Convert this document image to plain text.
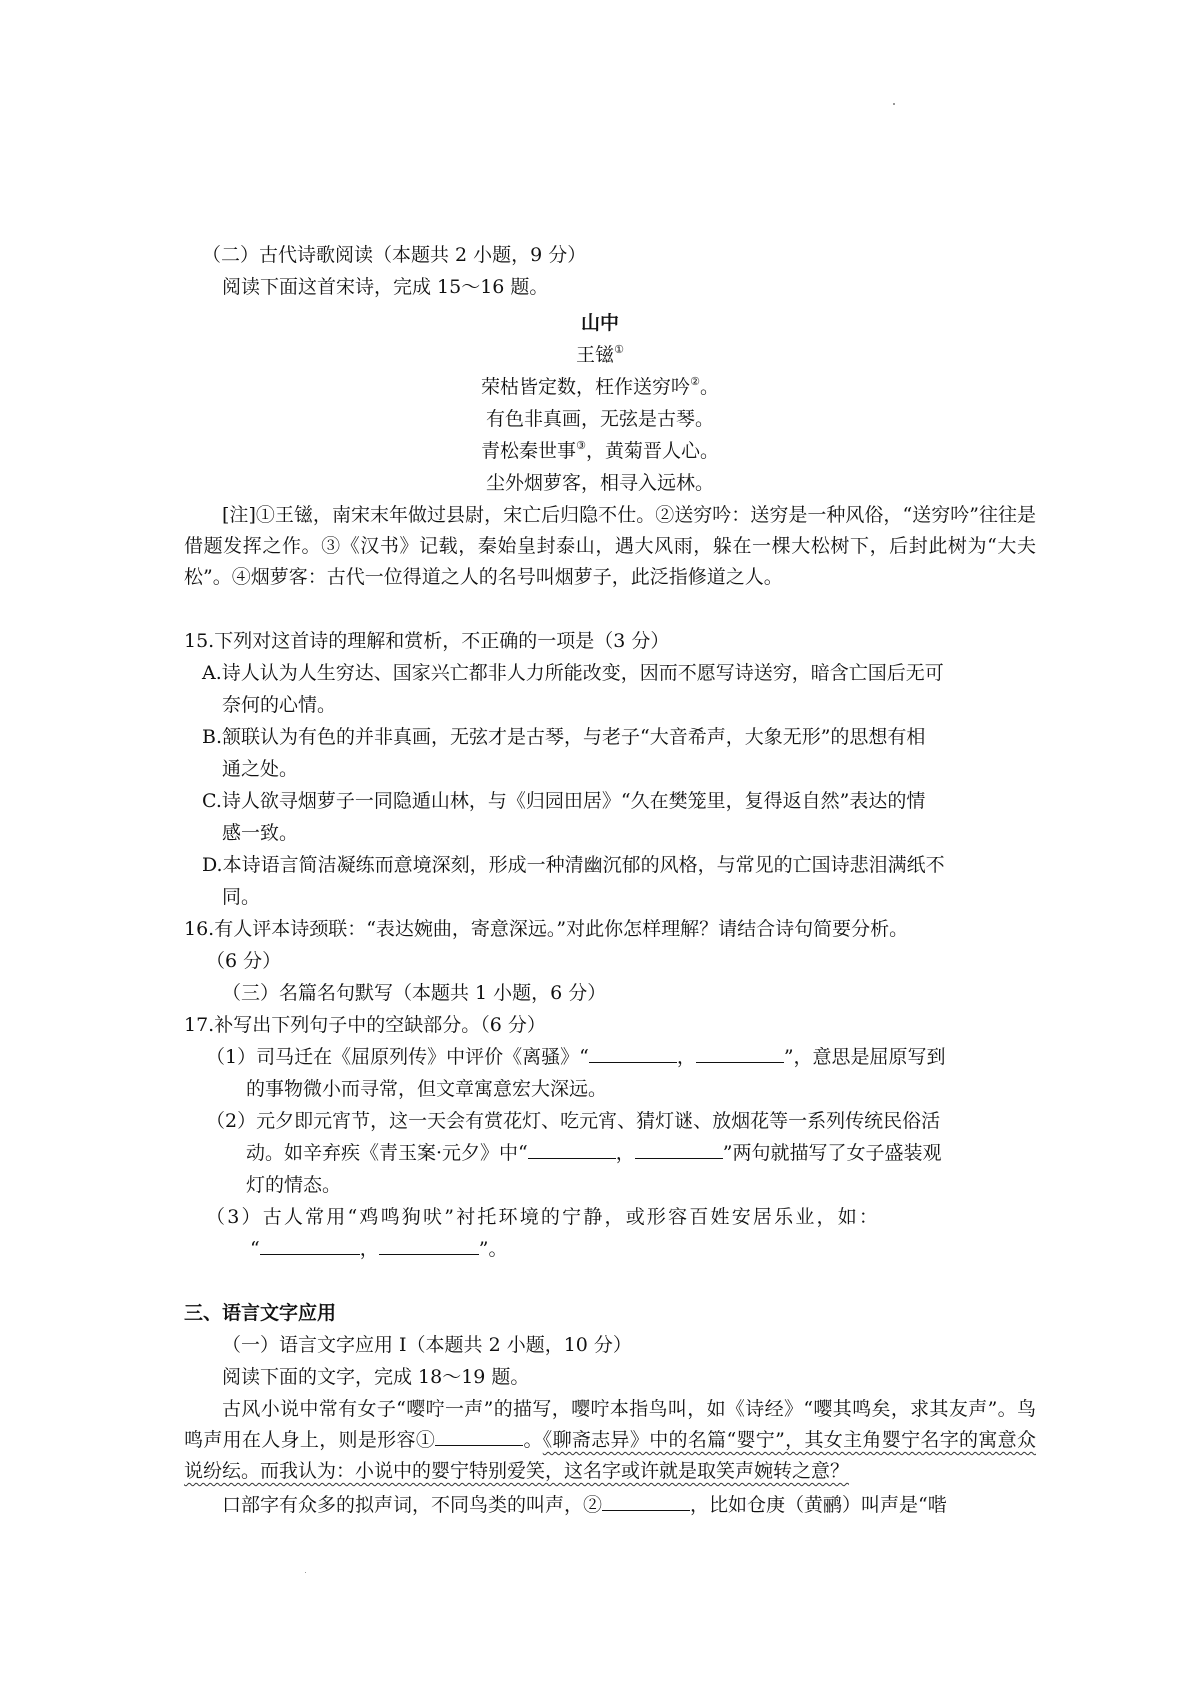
（二）古代诗歌阅读（本题共 2 小题，9 分）
阅读下面这首宋诗，完成 15～16 题。
山中
王镃①
荣枯皆定数，枉作送穷吟②。
有色非真画，无弦是古琴。
青松秦世事③，黄菊晋人心。
尘外烟萝客，相寻入远林。
[注]①王镃，南宋末年做过县尉，宋亡后归隐不仕。②送穷吟：送穷是一种风俗，“送穷吟”往往是借题发挥之作。③《汉书》记载，秦始皇封泰山，遇大风雨，躲在一棵大松树下，后封此树为“大夫松”。④烟萝客：古代一位得道之人的名号叫烟萝子，此泛指修道之人。
15.下列对这首诗的理解和赏析，不正确的一项是（3 分）
A.诗人认为人生穷达、国家兴亡都非人力所能改变，因而不愿写诗送穷，暗含亡国后无可
奈何的心情。
B.颔联认为有色的并非真画，无弦才是古琴，与老子“大音希声，大象无形”的思想有相
通之处。
C.诗人欲寻烟萝子一同隐遁山林，与《归园田居》“久在樊笼里，复得返自然”表达的情
感一致。
D.本诗语言简洁凝练而意境深刻，形成一种清幽沉郁的风格，与常见的亡国诗悲泪满纸不
同。
16.有人评本诗颈联：“表达婉曲，寄意深远。”对此你怎样理解？请结合诗句简要分析。
（6 分）
（三）名篇名句默写（本题共 1 小题，6 分）
17.补写出下列句子中的空缺部分。（6 分）
（1）司马迁在《屈原列传》中评价《离骚》“	，	”，意思是屈原写到
的事物微小而寻常，但文章寓意宏大深远。
（2）元夕即元宵节，这一天会有赏花灯、吃元宵、猜灯谜、放烟花等一系列传统民俗活
动。如辛弃疾《青玉案·元夕》中“	，	”两句就描写了女子盛装观
灯的情态。
（3）古人常用“鸡鸣狗吠”衬托环境的宁静，或形容百姓安居乐业，如：
“	，	”。
三、语言文字应用
（一）语言文字应用 I（本题共 2 小题，10 分）
阅读下面的文字，完成 18～19 题。
古风小说中常有女子“嘤咛一声”的描写，嘤咛本指鸟叫，如《诗经》“嘤其鸣矣，求其友声”。鸟鸣声用在人身上，则是形容①	。《聊斋志异》中的名篇“婴宁”，其女主角婴宁名字的寓意众说纷纭。而我认为：小说中的婴宁特别爱笑，这名字或许就是取笑声婉转之意？
口部字有众多的拟声词，不同鸟类的叫声，②	，比如仓庚（黄鹂）叫声是“喈
